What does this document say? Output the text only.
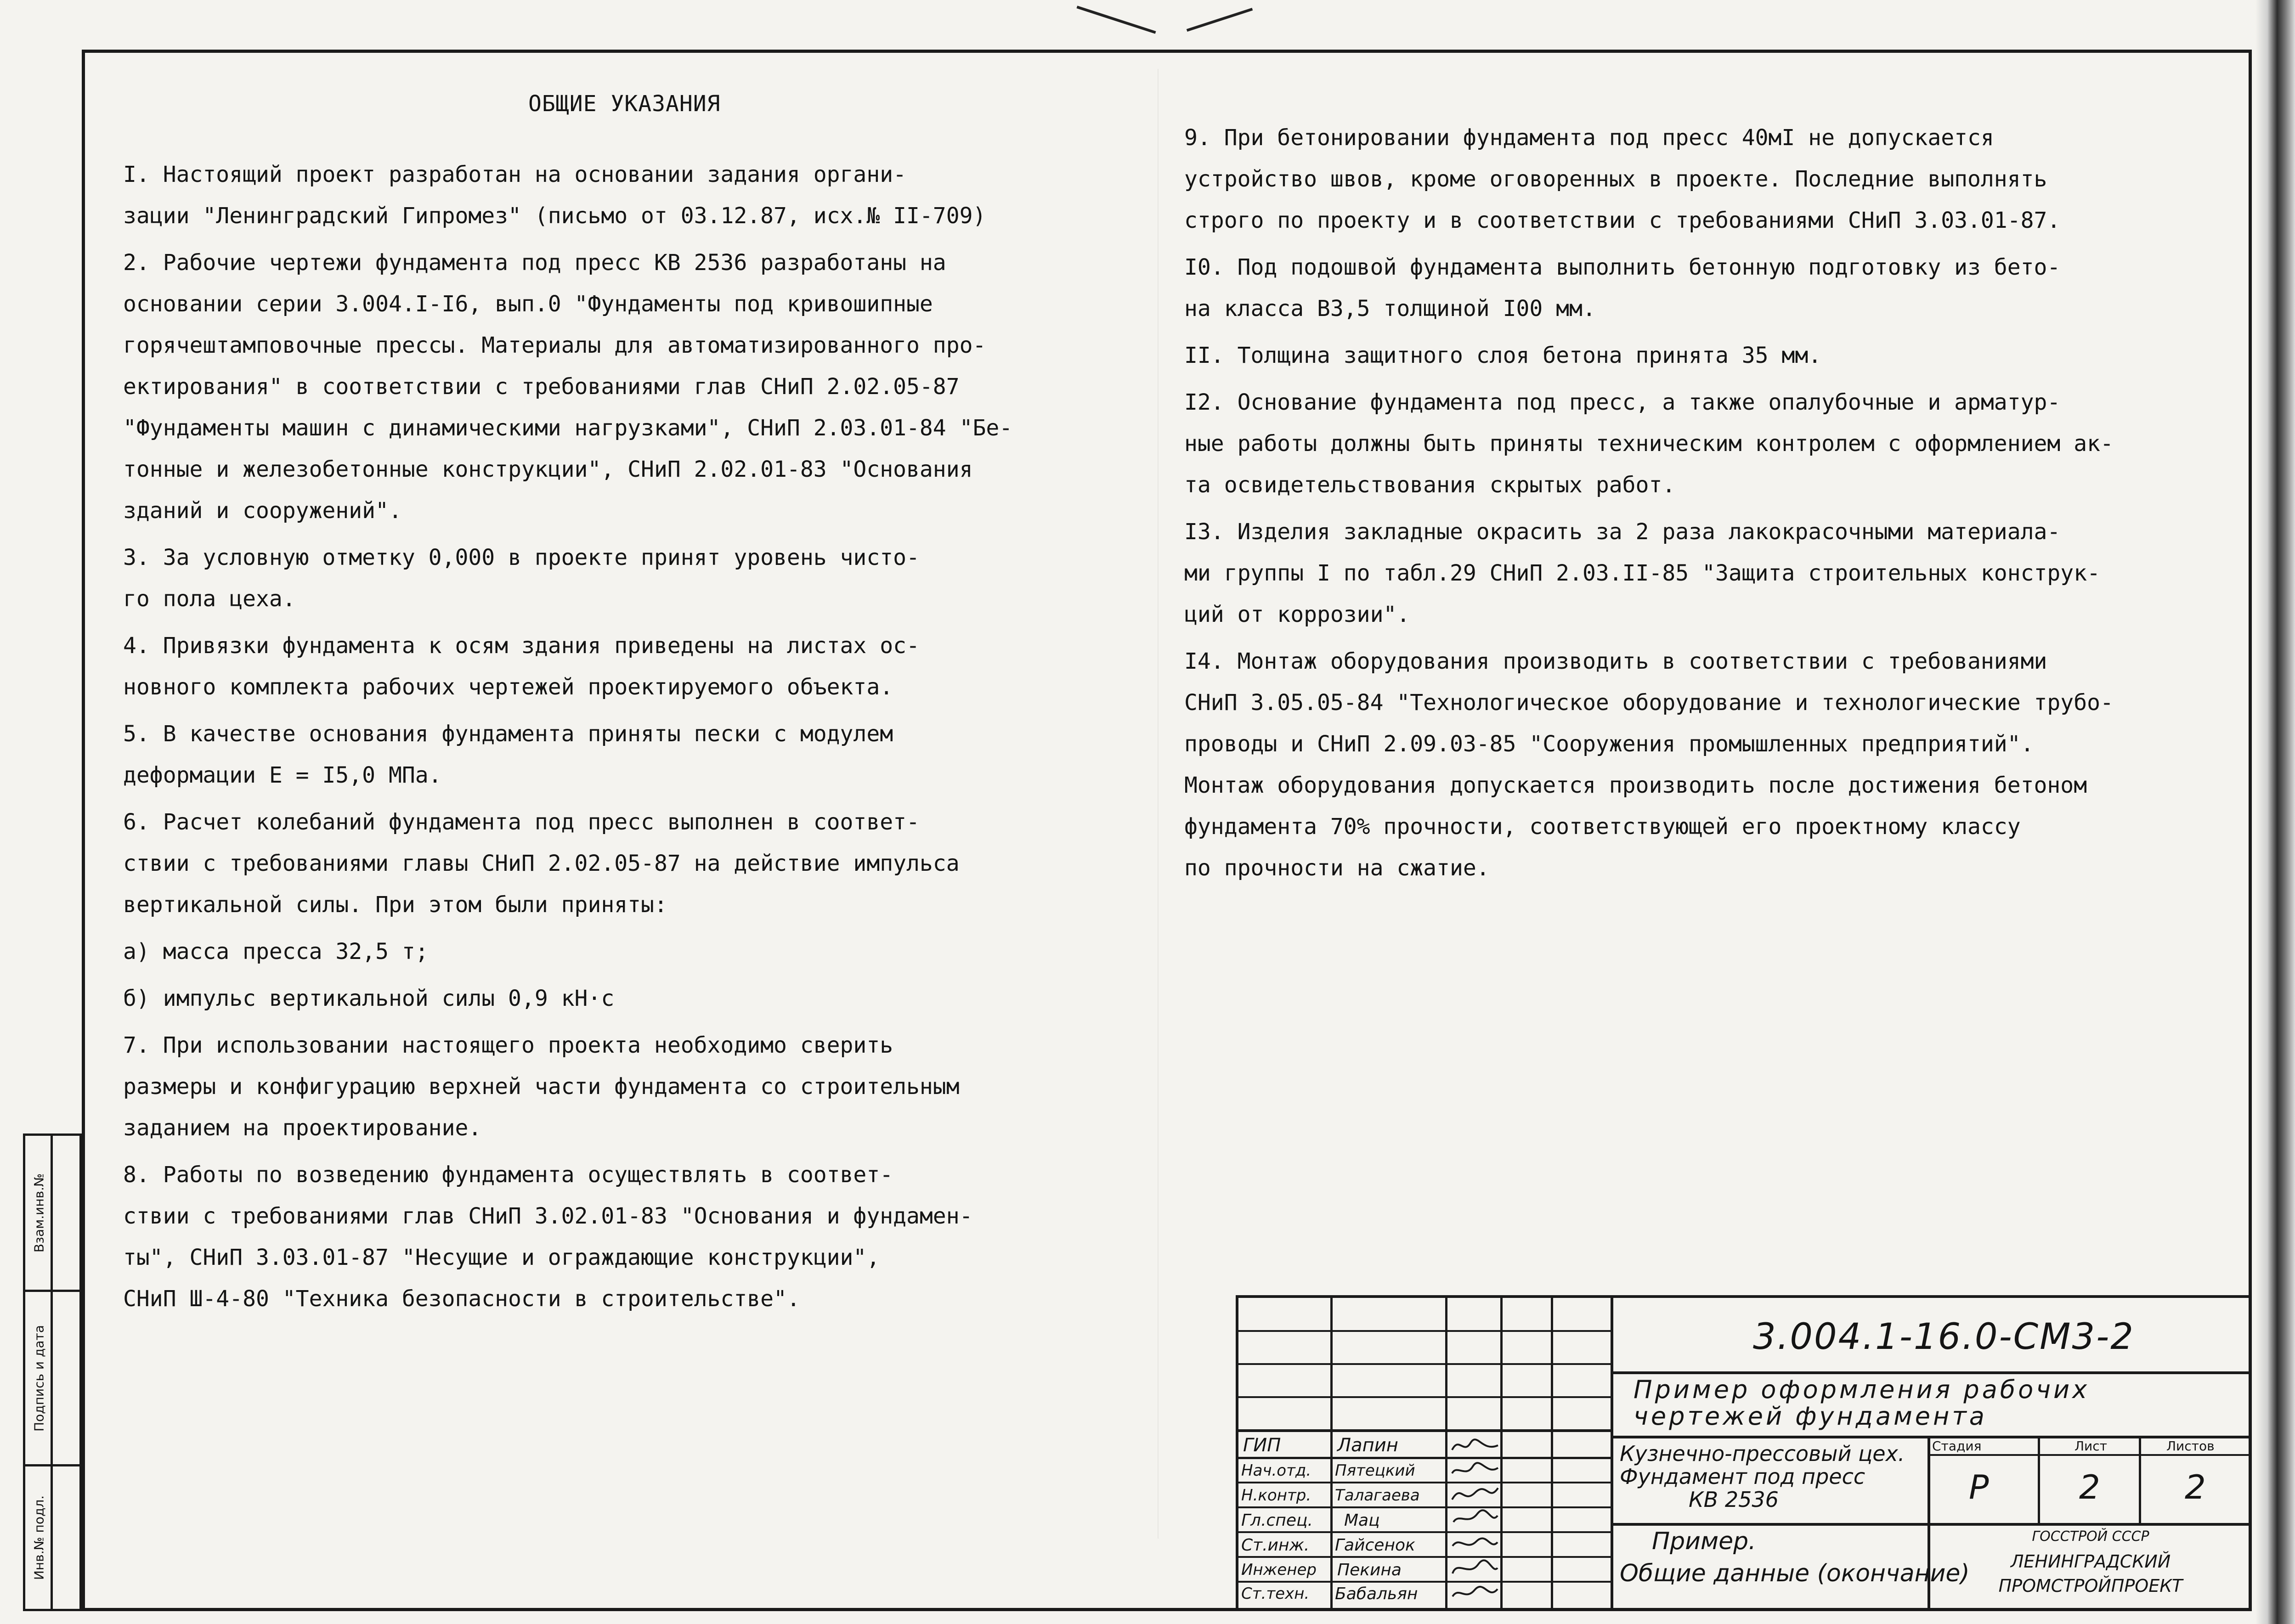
ОБЩИЕ УКАЗАНИЯ

I. Настоящий проект разработан на основании задания органи-
зации "Ленинградский Гипромез" (письмо от 03.12.87, исх.№ II-709)

2. Рабочие чертежи фундамента под пресс КВ 2536 разработаны на
основании серии 3.004.I-I6, вып.0 "Фундаменты под кривошипные
горячештамповочные прессы. Материалы для автоматизированного про-
ектирования" в соответствии с требованиями глав СНиП 2.02.05-87
"Фундаменты машин с динамическими нагрузками", СНиП 2.03.01-84 "Бе-
тонные и железобетонные конструкции", СНиП 2.02.01-83 "Основания
зданий и сооружений".

3. За условную отметку 0,000 в проекте принят уровень чисто-
го пола цеха.

4. Привязки фундамента к осям здания приведены на листах ос-
новного комплекта рабочих чертежей проектируемого объекта.

5. В качестве основания фундамента приняты пески с модулем
деформации E = I5,0 МПа.

6. Расчет колебаний фундамента под пресс выполнен в соответ-
ствии с требованиями главы СНиП 2.02.05-87 на действие импульса
вертикальной силы. При этом были приняты:

а) масса пресса 32,5 т;

б) импульс вертикальной силы 0,9 кН·с

7. При использовании настоящего проекта необходимо сверить
размеры и конфигурацию верхней части фундамента со строительным
заданием на проектирование.

8. Работы по возведению фундамента осуществлять в соответ-
ствии с требованиями глав СНиП 3.02.01-83 "Основания и фундамен-
ты", СНиП 3.03.01-87 "Несущие и ограждающие конструкции",
СНиП Ш-4-80 "Техника безопасности в строительстве".

9. При бетонировании фундамента под пресс 40мI не допускается
устройство швов, кроме оговоренных в проекте. Последние выполнять
строго по проекту и в соответствии с требованиями СНиП 3.03.01-87.

I0. Под подошвой фундамента выполнить бетонную подготовку из бето-
на класса В3,5 толщиной I00 мм.

II. Толщина защитного слоя бетона принята 35 мм.

I2. Основание фундамента под пресс, а также опалубочные и арматур-
ные работы должны быть приняты техническим контролем с оформлением ак-
та освидетельствования скрытых работ.

I3. Изделия закладные окрасить за 2 раза лакокрасочными материала-
ми группы I по табл.29 СНиП 2.03.II-85 "Защита строительных конструк-
ций от коррозии".

I4. Монтаж оборудования производить в соответствии с требованиями
СНиП 3.05.05-84 "Технологическое оборудование и технологические трубо-
проводы и СНиП 2.09.03-85 "Сооружения промышленных предприятий".
Монтаж оборудования допускается производить после достижения бетоном
фундамента 70% прочности, соответствующей его проектному классу
по прочности на сжатие.

Взам.инв.№
Подпись и дата
Инв.№ подл.
3.004.1-16.0-СМ3-2
Пример оформления рабочих
чертежей фундамента
Кузнечно-прессовый цех.
Фундамент под пресс
КВ 2536
Пример.
Общие данные (окончание)
Стадия	Лист	Листов
Р	2	2
ГОССТРОЙ СССР
ЛЕНИНГРАДСКИЙ
ПРОМСТРОЙПРОЕКТ
ГИП	Лапин
Нач.отд. Пятецкий
Н.контр. Талагаева
Гл.спец. Мац
Ст.инж. Гайсенок
Инженер Пекина
Ст.техн. Бабальян
